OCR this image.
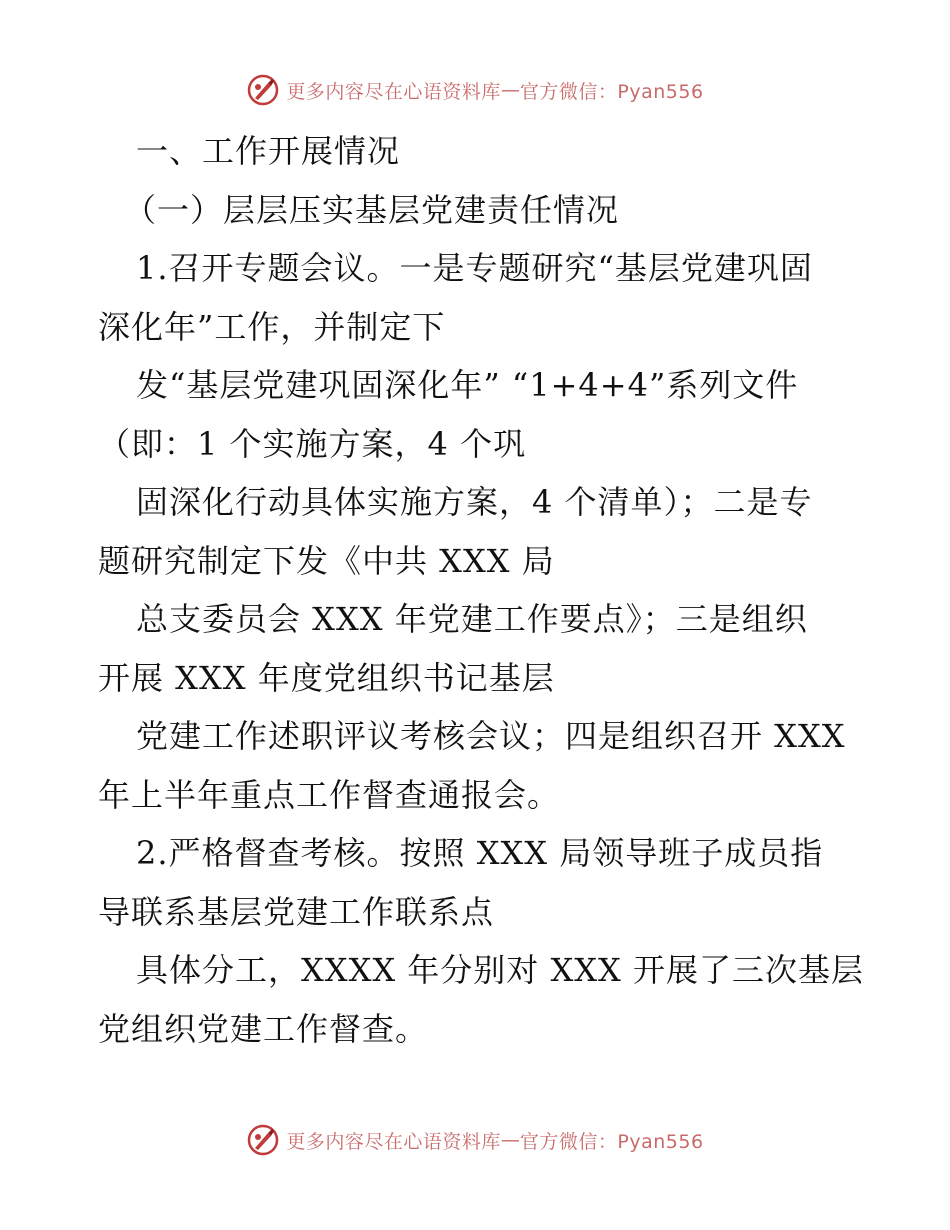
更多内容尽在心语资料库 — 官方微信：Pyan556
一、工作开展情况
（一）层层压实基层党建责任情况
1.召开专题会议。一是专题研究“基层党建巩固
深化年”工作，并制定下
发“基层党建巩固深化年” “1+4+4”系列文件
（即：1 个实施方案，4 个巩
固深化行动具体实施方案，4 个清单）；二是专
题研究制定下发《中共 XXX 局
总支委员会 XXX 年党建工作要点》；三是组织
开展 XXX 年度党组织书记基层
党建工作述职评议考核会议；四是组织召开 XXX
年上半年重点工作督查通报会。
2.严格督查考核。按照 XXX 局领导班子成员指
导联系基层党建工作联系点
具体分工，XXXX 年分别对 XXX 开展了三次基层
党组织党建工作督查。
更多内容尽在心语资料库 — 官方微信：Pyan556
